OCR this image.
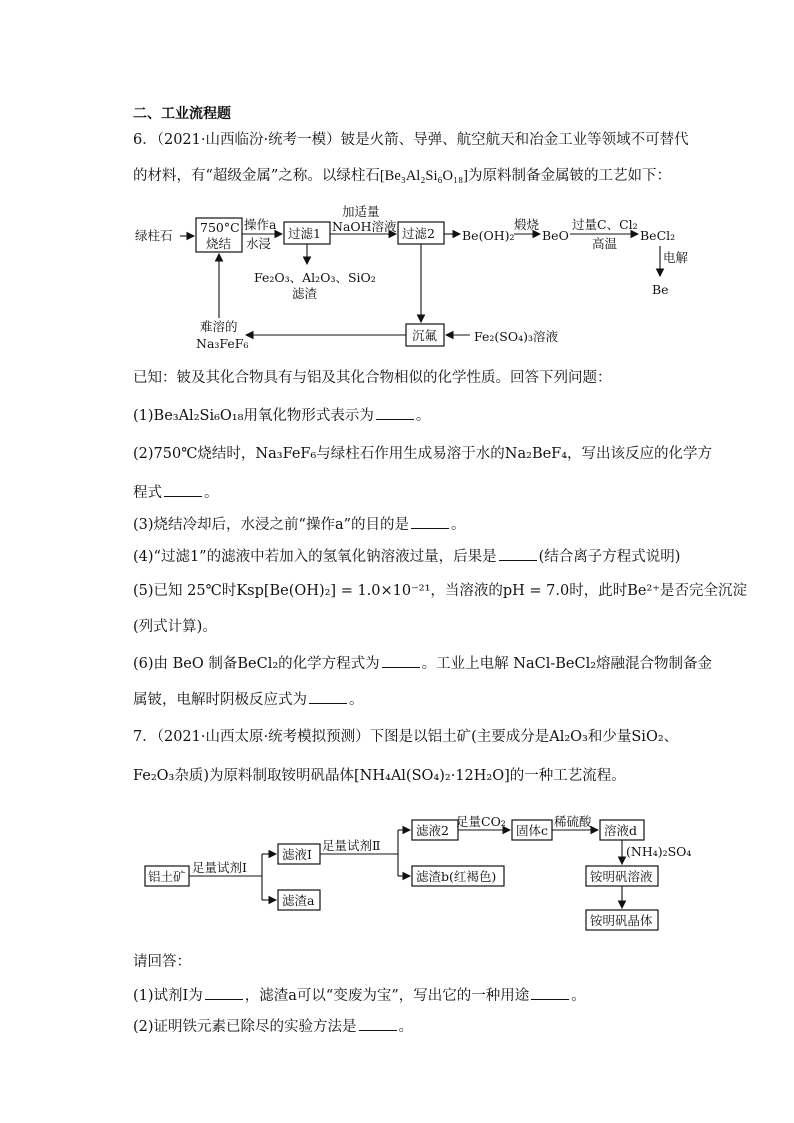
二、工业流程题
6．（2021·山西临汾·统考一模）铍是火箭、导弹、航空航天和冶金工业等领域不可替代
的材料，有“超级金属”之称。以绿柱石[Be₃Al₂Si₆O₁₈]为原料制备金属铍的工艺如下：
绿柱石
750°C
烧结
操作a
水浸
过滤1
加适量
NaOH溶液 过滤2 Be(OH)₂
煅烧
BeO
过量C、Cl₂
高温
BeCl₂
电解
Be
Fe₂O₃、Al₂O₃、SiO₂
滤渣
沉氟	Fe₂(SO₄)₃溶液
难溶的
Na₃FeF₆
已知：铍及其化合物具有与铝及其化合物相似的化学性质。回答下列问题：
(1)Be₃Al₂Si₆O₁₈用氧化物形式表示为	。
(2)750℃烧结时，Na₃FeF₆与绿柱石作用生成易溶于水的Na₂BeF₄，写出该反应的化学方
程式	。
(3)烧结冷却后，水浸之前“操作a”的目的是	。
(4)“过滤1”的滤液中若加入的氢氧化钠溶液过量，后果是	(结合离子方程式说明)
(5)已知 25℃时Ksp[Be(OH)₂] = 1.0×10⁻²¹，当溶液的pH = 7.0时，此时Be²⁺是否完全沉淀
(列式计算)。
(6)由 BeO 制备BeCl₂的化学方程式为	。工业上电解 NaCl-BeCl₂熔融混合物制备金
属铍，电解时阴极反应式为	。
7．（2021·山西太原·统考模拟预测）下图是以铝土矿(主要成分是Al₂O₃和少量SiO₂、
Fe₂O₃杂质)为原料制取铵明矾晶体[NH₄Al(SO₄)₂·12H₂O]的一种工艺流程。
铝土矿
足量试剂Ⅰ
滤液Ⅰ
滤渣a
足量试剂Ⅱ
滤液2
滤渣b(红褐色)
足量CO₂
固体c
稀硫酸
溶液d
(NH₄)₂SO₄
铵明矾溶液
铵明矾晶体
请回答：
(1)试剂Ⅰ为	，滤渣a可以“变废为宝”，写出它的一种用途	。
(2)证明铁元素已除尽的实验方法是	。
